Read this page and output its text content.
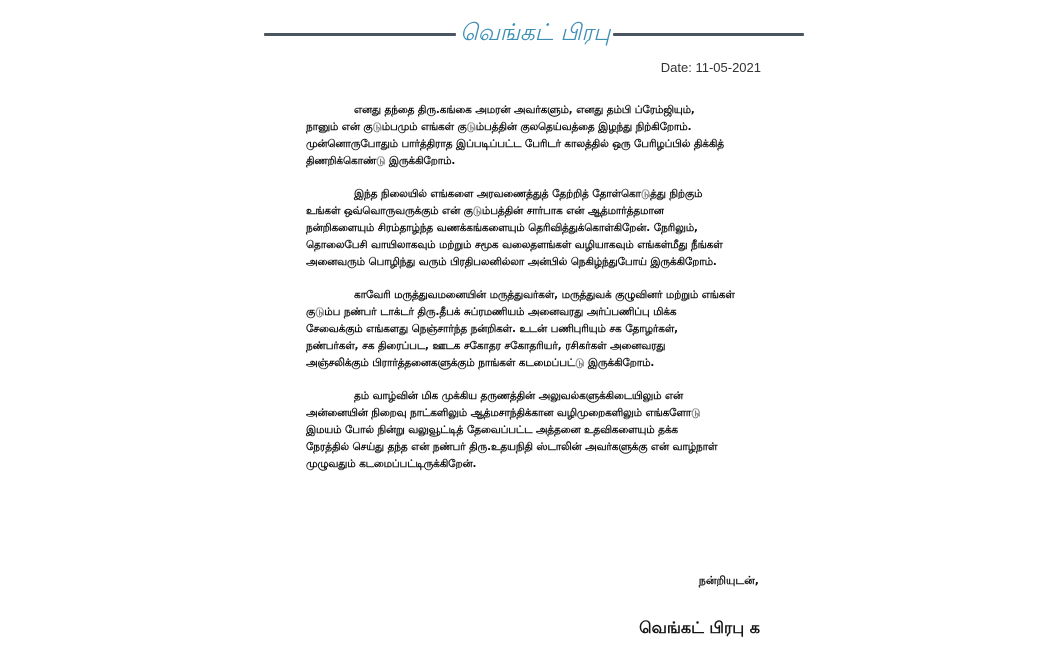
வெங்கட் பிரபு
Date: 11-05-2021

எனது தந்தை திரு.கங்கை அமரன் அவர்களும், எனது தம்பி ப்ரேம்ஜியும்,
நானும் என் குடும்பமும் எங்கள் குடும்பத்தின் குலதெய்வத்தை இழந்து நிற்கிறோம்.
முன்னொருபோதும் பார்த்திராத இப்படிப்பட்ட பேரிடர் காலத்தில் ஒரு பேரிழப்பில் திக்கித்
திணறிக்கொண்டு இருக்கிறோம்.

இந்த நிலையில் எங்களை அரவணைத்துத் தேற்றித் தோள்கொடுத்து நிற்கும்
உங்கள் ஒவ்வொருவருக்கும் என் குடும்பத்தின் சார்பாக என் ஆத்மார்த்தமான
நன்றிகளையும் சிரம்தாழ்ந்த வணக்கங்களையும் தெரிவித்துக்கொள்கிறேன். நேரிலும்,
தொலைபேசி வாயிலாகவும் மற்றும் சமூக வலைதளங்கள் வழியாகவும் எங்கள்மீது நீங்கள்
அனைவரும் பொழிந்து வரும் பிரதிபலனில்லா அன்பில் நெகிழ்ந்துபோய் இருக்கிறோம்.

காவேரி மருத்துவமனையின் மருத்துவர்கள், மருத்துவக் குழுவினர் மற்றும் எங்கள்
குடும்ப நண்பர் டாக்டர் திரு.தீபக் சுப்ரமணியம் அனைவரது அர்ப்பணிப்பு மிக்க
சேவைக்கும் எங்களது நெஞ்சார்ந்த நன்றிகள். உடன் பணிபுரியும் சக தோழர்கள்,
நண்பர்கள், சக திரைப்பட, ஊடக சகோதர சகோதரியர், ரசிகர்கள் அனைவரது
அஞ்சலிக்கும் பிரார்த்தனைகளுக்கும் நாங்கள் கடமைப்பட்டு இருக்கிறோம்.

தம் வாழ்வின் மிக முக்கிய தருணத்தின் அலுவல்களுக்கிடையிலும் என்
அன்னையின் நிறைவு நாட்களிலும் ஆத்மசாந்திக்கான வழிமுறைகளிலும் எங்களோடு
இமயம் போல் நின்று வலுவூட்டித் தேவைப்பட்ட அத்தனை உதவிகளையும் தக்க
நேரத்தில் செய்து தந்த என் நண்பர் திரு.உதயநிதி ஸ்டாலின் அவர்களுக்கு என் வாழ்நாள்
முழுவதும் கடமைப்பட்டிருக்கிறேன்.

நன்றியுடன்,
வெங்கட் பிரபு க
